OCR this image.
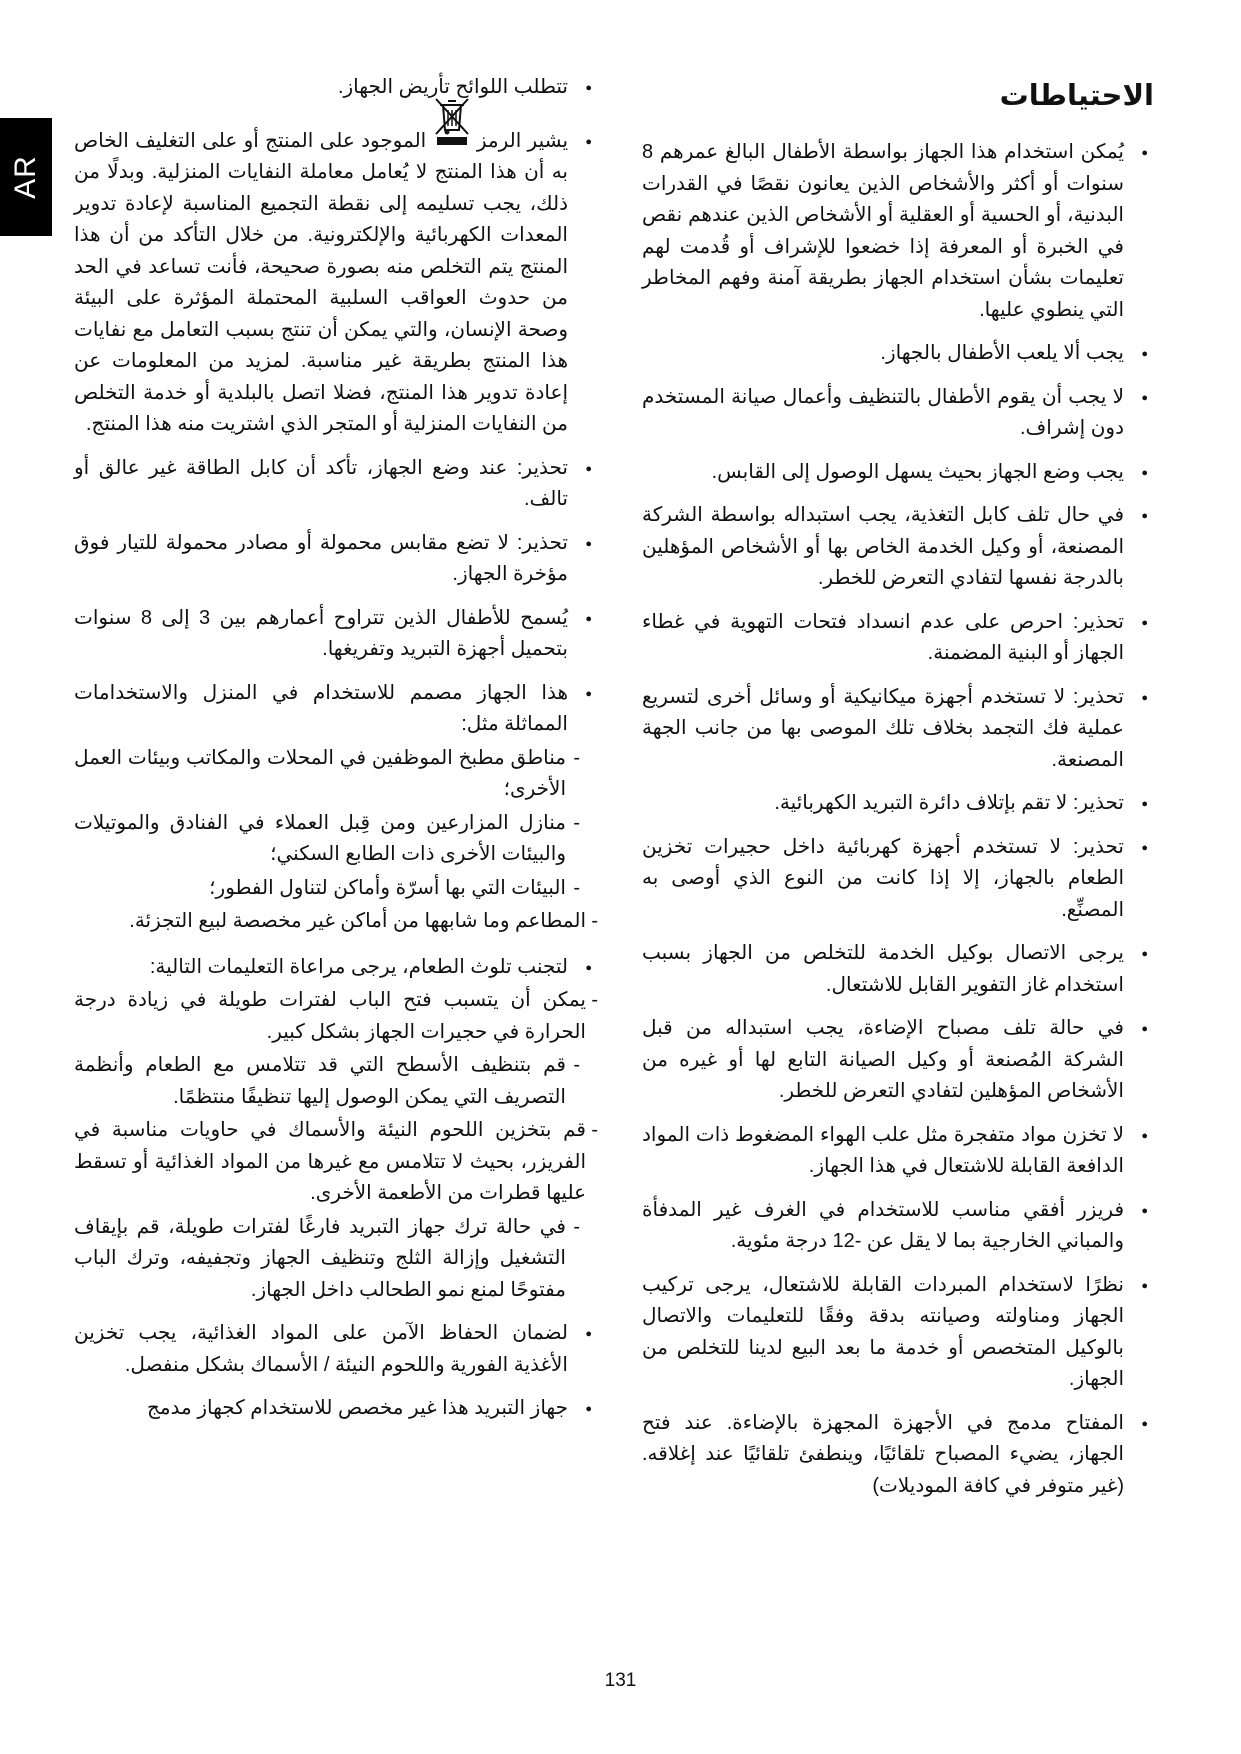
AR
الاحتياطات
● يُمكن استخدام هذا الجهاز بواسطة الأطفال البالغ عمرهم 8 سنوات أو أكثر والأشخاص الذين يعانون نقصًا في القدرات البدنية، أو الحسية أو العقلية أو الأشخاص الذين عندهم نقص في الخبرة أو المعرفة إذا خضعوا للإشراف أو قُدمت لهم تعليمات بشأن استخدام الجهاز بطريقة آمنة وفهم المخاطر التي ينطوي عليها.
● يجب ألا يلعب الأطفال بالجهاز.
● لا يجب أن يقوم الأطفال بالتنظيف وأعمال صيانة المستخدم دون إشراف.
● يجب وضع الجهاز بحيث يسهل الوصول إلى القابس.
● في حال تلف كابل التغذية، يجب استبداله بواسطة الشركة المصنعة، أو وكيل الخدمة الخاص بها أو الأشخاص المؤهلين بالدرجة نفسها لتفادي التعرض للخطر.
● تحذير: احرص على عدم انسداد فتحات التهوية في غطاء الجهاز أو البنية المضمنة.
● تحذير: لا تستخدم أجهزة ميكانيكية أو وسائل أخرى لتسريع عملية فك التجمد بخلاف تلك الموصى بها من جانب الجهة المصنعة.
● تحذير: لا تقم بإتلاف دائرة التبريد الكهربائية.
● تحذير: لا تستخدم أجهزة كهربائية داخل حجيرات تخزين الطعام بالجهاز، إلا إذا كانت من النوع الذي أوصى به المصنِّع.
● يرجى الاتصال بوكيل الخدمة للتخلص من الجهاز بسبب استخدام غاز التفوير القابل للاشتعال.
● في حالة تلف مصباح الإضاءة، يجب استبداله من قبل الشركة المُصنعة أو وكيل الصيانة التابع لها أو غيره من الأشخاص المؤهلين لتفادي التعرض للخطر.
● لا تخزن مواد متفجرة مثل علب الهواء المضغوط ذات المواد الدافعة القابلة للاشتعال في هذا الجهاز.
● فريزر أفقي مناسب للاستخدام في الغرف غير المدفأة والمباني الخارجية بما لا يقل عن -12 درجة مئوية.
● نظرًا لاستخدام المبردات القابلة للاشتعال، يرجى تركيب الجهاز ومناولته وصيانته بدقة وفقًا للتعليمات والاتصال بالوكيل المتخصص أو خدمة ما بعد البيع لدينا للتخلص من الجهاز.
● المفتاح مدمج في الأجهزة المجهزة بالإضاءة. عند فتح الجهاز، يضيء المصباح تلقائيًا، وينطفئ تلقائيًا عند إغلاقه. (غير متوفر في كافة الموديلات)
● تتطلب اللوائح تأريض الجهاز.
● يشير الرمز
الموجود على المنتج أو على التغليف الخاص به أن هذا المنتج لا يُعامل معاملة النفايات المنزلية. وبدلًا من ذلك، يجب تسليمه إلى نقطة التجميع المناسبة لإعادة تدوير المعدات الكهربائية والإلكترونية. من خلال التأكد من أن هذا المنتج يتم التخلص منه بصورة صحيحة، فأنت تساعد في الحد من حدوث العواقب السلبية المحتملة المؤثرة على البيئة وصحة الإنسان، والتي يمكن أن تنتج بسبب التعامل مع نفايات هذا المنتج بطريقة غير مناسبة. لمزيد من المعلومات عن إعادة تدوير هذا المنتج، فضلا اتصل بالبلدية أو خدمة التخلص من النفايات المنزلية أو المتجر الذي اشتريت منه هذا المنتج.
● تحذير: عند وضع الجهاز، تأكد أن كابل الطاقة غير عالق أو تالف.
● تحذير: لا تضع مقابس محمولة أو مصادر محمولة للتيار فوق مؤخرة الجهاز.
● يُسمح للأطفال الذين تتراوح أعمارهم بين 3 إلى 8 سنوات بتحميل أجهزة التبريد وتفريغها.
● هذا الجهاز مصمم للاستخدام في المنزل والاستخدامات المماثلة مثل:
- مناطق مطبخ الموظفين في المحلات والمكاتب وبيئات العمل الأخرى؛
- منازل المزارعين ومن قِبل العملاء في الفنادق والموتيلات والبيئات الأخرى ذات الطابع السكني؛
- البيئات التي بها أسرّة وأماكن لتناول الفطور؛
- المطاعم وما شابهها من أماكن غير مخصصة لبيع التجزئة.
● لتجنب تلوث الطعام، يرجى مراعاة التعليمات التالية:
- يمكن أن يتسبب فتح الباب لفترات طويلة في زيادة درجة الحرارة في حجيرات الجهاز بشكل كبير.
- قم بتنظيف الأسطح التي قد تتلامس مع الطعام وأنظمة التصريف التي يمكن الوصول إليها تنظيفًا منتظمًا.
- قم بتخزين اللحوم النيئة والأسماك في حاويات مناسبة في الفريزر، بحيث لا تتلامس مع غيرها من المواد الغذائية أو تسقط عليها قطرات من الأطعمة الأخرى.
- في حالة ترك جهاز التبريد فارغًا لفترات طويلة، قم بإيقاف التشغيل وإزالة الثلج وتنظيف الجهاز وتجفيفه، وترك الباب مفتوحًا لمنع نمو الطحالب داخل الجهاز.
● لضمان الحفاظ الآمن على المواد الغذائية، يجب تخزين الأغذية الفورية واللحوم النيئة / الأسماك بشكل منفصل.
● جهاز التبريد هذا غير مخصص للاستخدام كجهاز مدمج
131
